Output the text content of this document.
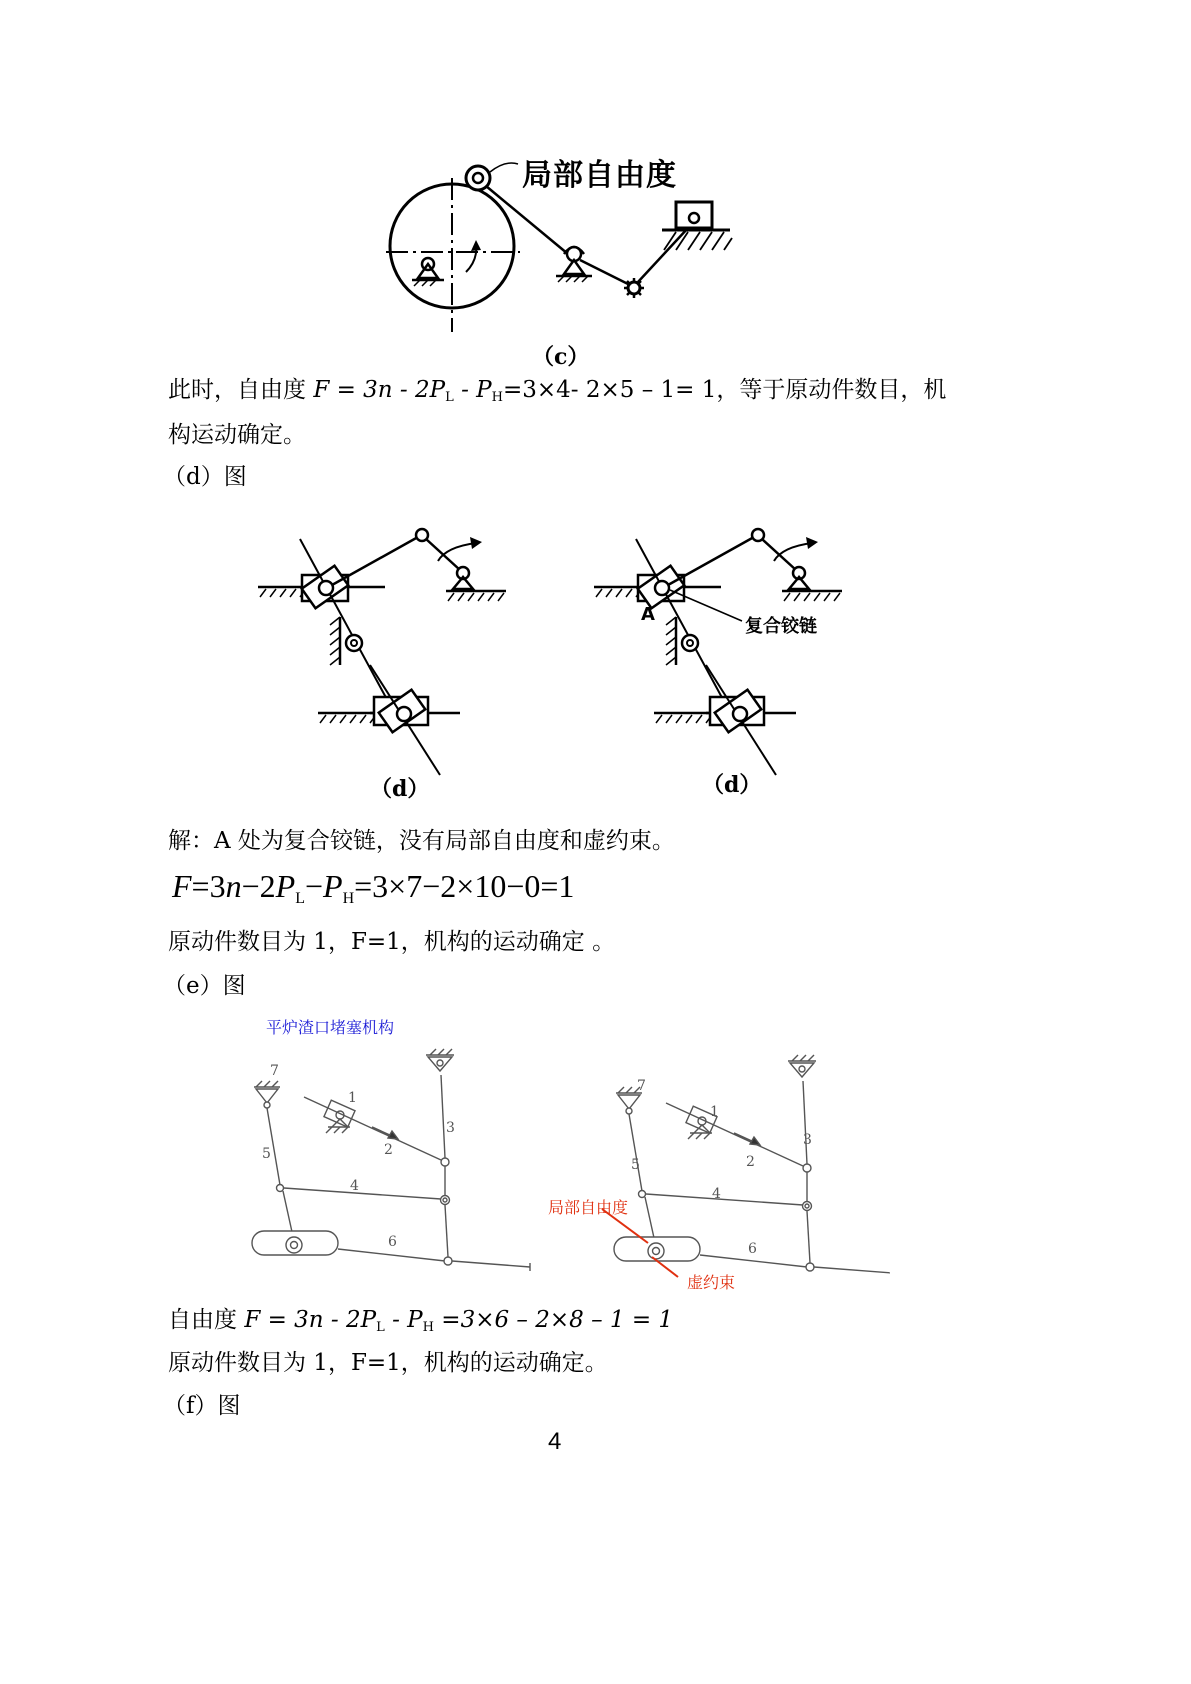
局部自由度
（c）
此时，自由度 $F = 3n - 2P_L - P_H=3\times 4-$ 2×5 – 1= 1，等于原动件数目，机
构运动确定。
（d）图
A
复合铰链
（d）	（d）
解：A 处为复合铰链，没有局部自由度和虚约束。
F=3n−2PL−PH=3×7−2×10−0=1
原动件数目为 1，F=1，机构的运动确定 。
（e）图
平炉渣口堵塞机构
7
1
3
2
5
4
6
7
1
3
2
5
4
6
局部自由度
虚约束
自由度 $F = 3n - 2P_L - P_H =3\times 6 - 2\times 8 - 1 = 1$
原动件数目为 1，F=1，机构的运动确定。
（f）图
4
